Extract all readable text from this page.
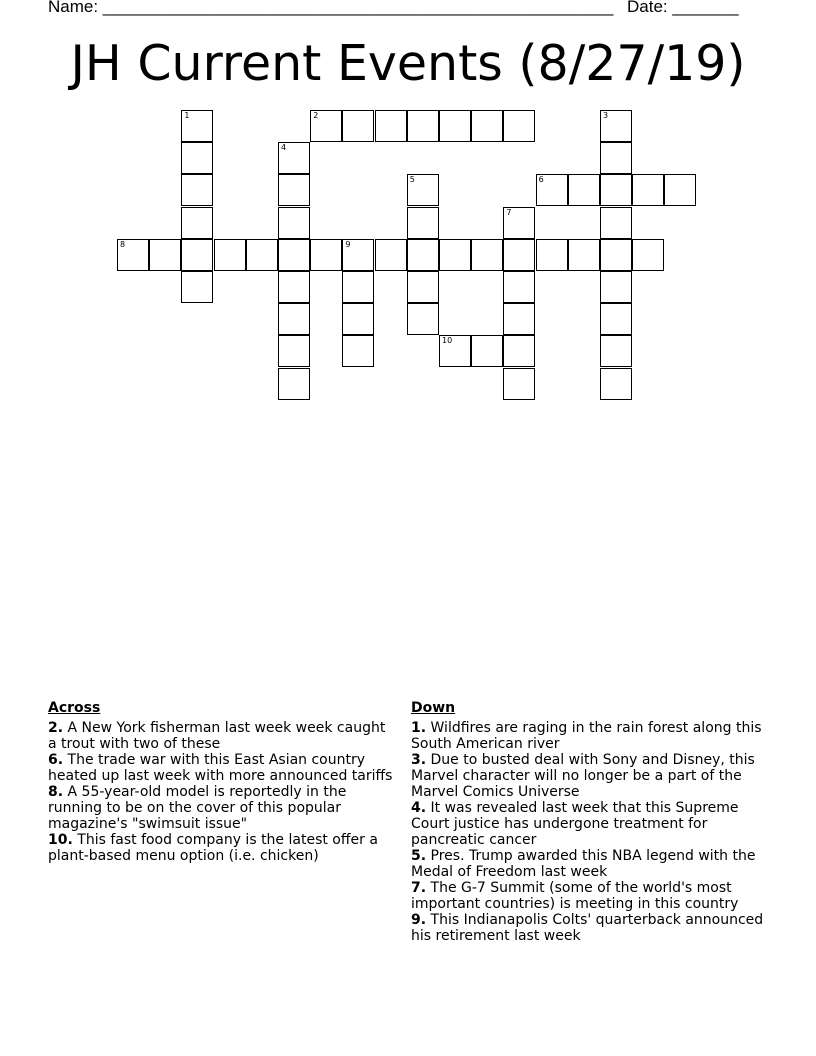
Name: ______________________________________________________ Date: _______
JH Current Events (8/27/19)
1	2	3
4
5	6
7
8	9
10
Across
2. A New York fisherman last week week caught a trout with two of these
6. The trade war with this East Asian country heated up last week with more announced tariffs
8. A 55-year-old model is reportedly in the running to be on the cover of this popular magazine's "swimsuit issue"
10. This fast food company is the latest offer a plant-based menu option (i.e. chicken)
Down
1. Wildfires are raging in the rain forest along this South American river
3. Due to busted deal with Sony and Disney, this Marvel character will no longer be a part of the Marvel Comics Universe
4. It was revealed last week that this Supreme Court justice has undergone treatment for pancreatic cancer
5. Pres. Trump awarded this NBA legend with the Medal of Freedom last week
7. The G-7 Summit (some of the world's most important countries) is meeting in this country
9. This Indianapolis Colts' quarterback announced his retirement last week
